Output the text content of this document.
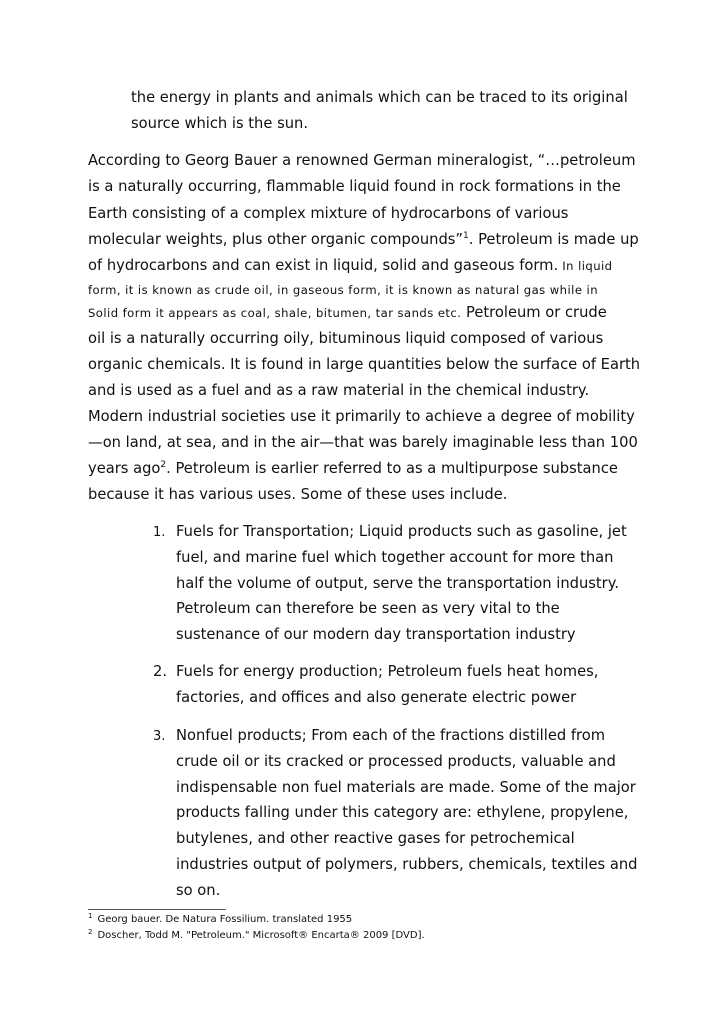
the energy in plants and animals which can be traced to its original
source which is the sun.
According to Georg Bauer a renowned German mineralogist, “…petroleum
is a naturally occurring, flammable liquid found in rock formations in the
Earth consisting of a complex mixture of hydrocarbons of various
molecular weights, plus other organic compounds”$^1$. Petroleum is made up
of hydrocarbons and can exist in liquid, solid and gaseous form. In liquid
form, it is known as crude oil, in gaseous form, it is known as natural gas while in
Solid form it appears as coal, shale, bitumen, tar sands etc. Petroleum or crude
oil is a naturally occurring oily, bituminous liquid composed of various
organic chemicals. It is found in large quantities below the surface of Earth
and is used as a fuel and as a raw material in the chemical industry.
Modern industrial societies use it primarily to achieve a degree of mobility
—on land, at sea, and in the air—that was barely imaginable less than 100
years ago$^2$. Petroleum is earlier referred to as a multipurpose substance
because it has various uses. Some of these uses include.
1. Fuels for Transportation; Liquid products such as gasoline, jet
fuel, and marine fuel which together account for more than
half the volume of output, serve the transportation industry.
Petroleum can therefore be seen as very vital to the
sustenance of our modern day transportation industry
2. Fuels for energy production; Petroleum fuels heat homes,
factories, and offices and also generate electric power
3. Nonfuel products; From each of the fractions distilled from
crude oil or its cracked or processed products, valuable and
indispensable non fuel materials are made. Some of the major
products falling under this category are: ethylene, propylene,
butylenes, and other reactive gases for petrochemical
industries output of polymers, rubbers, chemicals, textiles and
so on.
$^1$ Georg bauer. De Natura Fossilium. translated 1955
$^2$ Doscher, Todd M. "Petroleum." Microsoft® Encarta® 2009 [DVD].
